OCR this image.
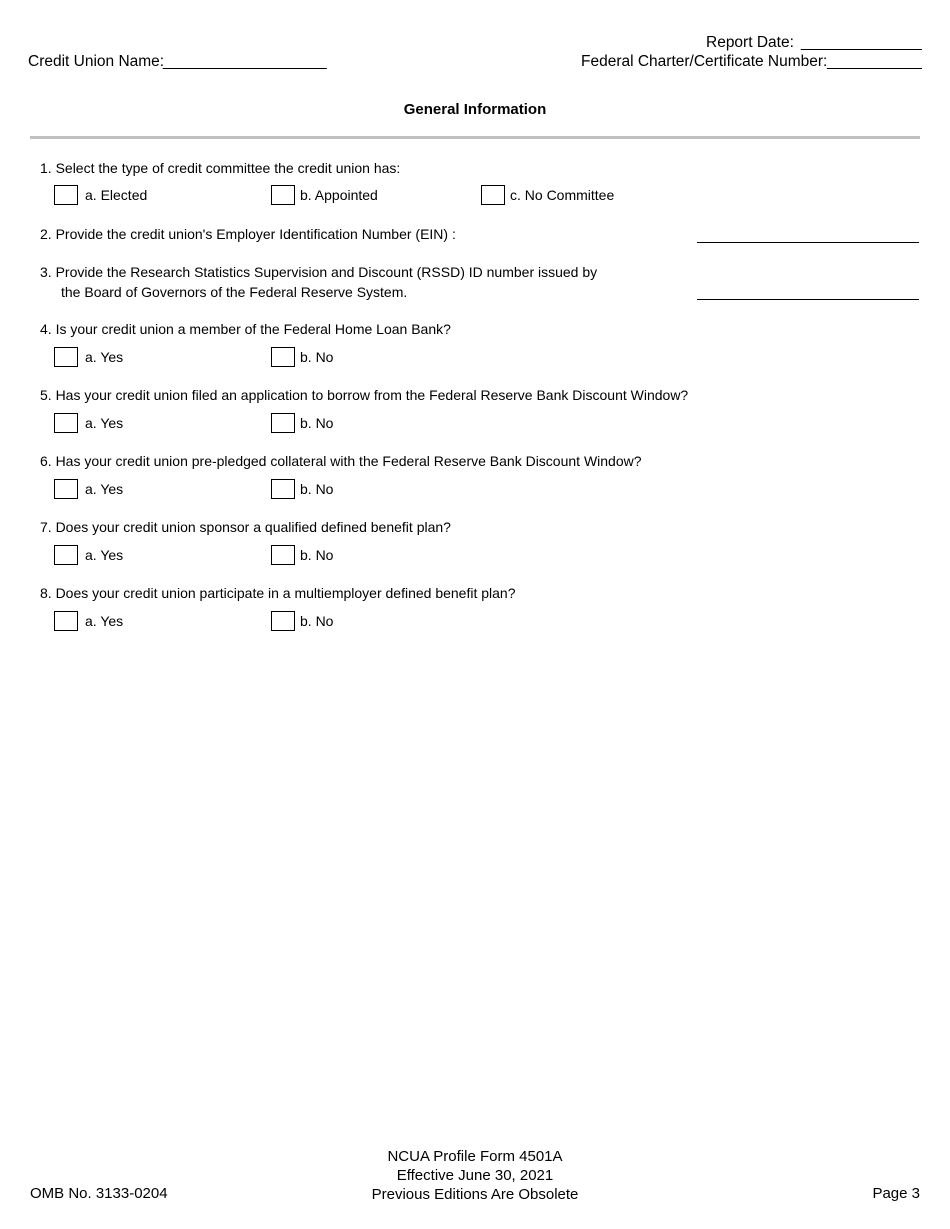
Report Date: ______________
Credit Union Name:
___________________	Federal Charter/Certificate Number: ___________
General Information
1. Select the type of credit committee the credit union has:
a. Elected	b. Appointed	c. No Committee
2. Provide the credit union's Employer Identification Number (EIN) :
3. Provide the Research Statistics Supervision and Discount (RSSD) ID number issued by
the Board of Governors of the Federal Reserve System.
4. Is your credit union a member of the Federal Home Loan Bank?
a. Yes	b. No
5. Has your credit union filed an application to borrow from the Federal Reserve Bank Discount Window?
a. Yes	b. No
6. Has your credit union pre-pledged collateral with the Federal Reserve Bank Discount Window?
a. Yes	b. No
7. Does your credit union sponsor a qualified defined benefit plan?
a. Yes	b. No
8. Does your credit union participate in a multiemployer defined benefit plan?
a. Yes	b. No
NCUA Profile Form 4501A
Effective June 30, 2021
Previous Editions Are Obsolete
OMB No. 3133-0204	Page 3
